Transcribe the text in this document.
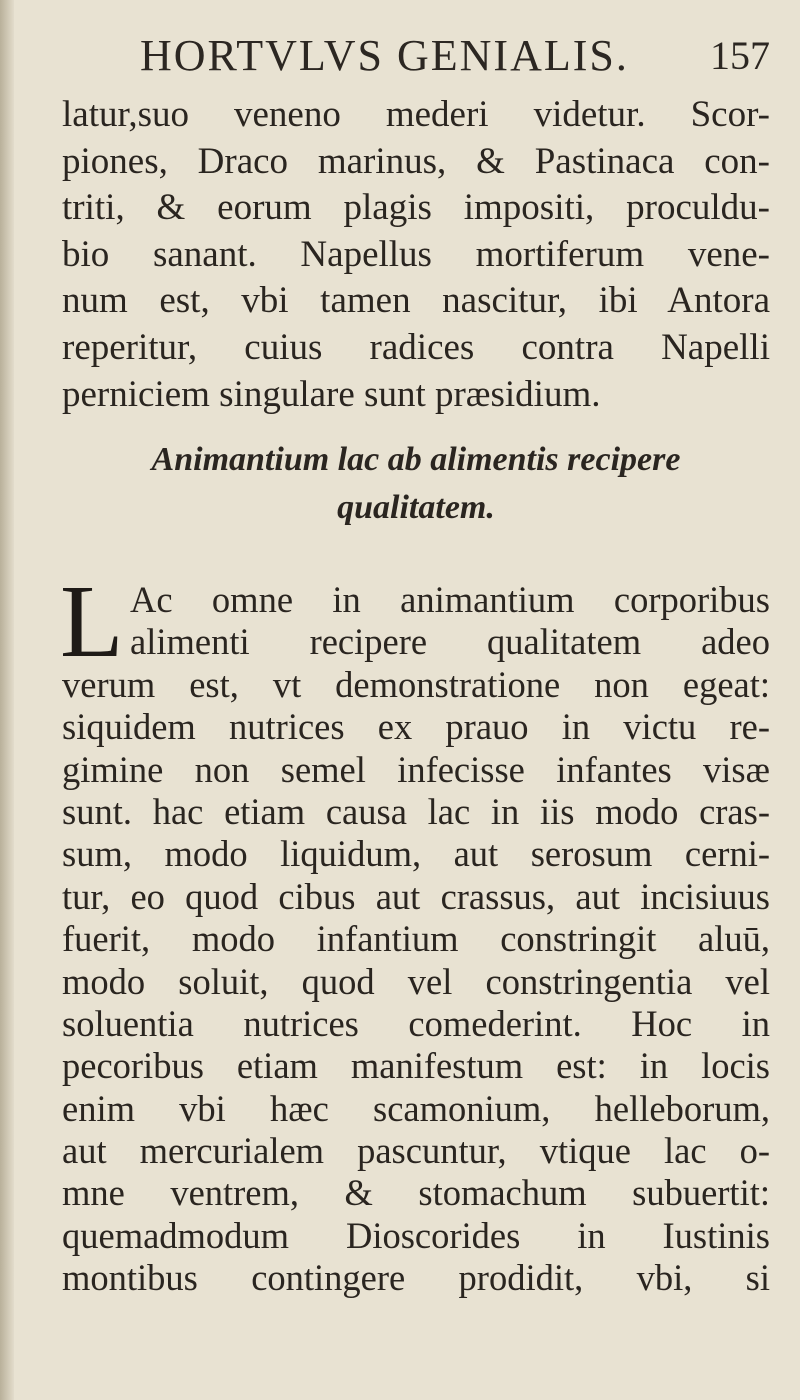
HORTVLVS GENIALIS. 157
latur,suo veneno mederi videtur. Scor-
piones, Draco marinus, & Pastinaca con-
triti, & eorum plagis impositi, proculdu-
bio sanant. Napellus mortiferum vene-
num est, vbi tamen nascitur, ibi Antora
reperitur, cuius radices contra Napelli
perniciem singulare sunt præsidium.
Animantium lac ab alimentis recipere
qualitatem.
L Ac omne in animantium corporibus
alimenti recipere qualitatem adeo
verum est, vt demonstratione non egeat:
siquidem nutrices ex prauo in victu re-
gimine non semel infecisse infantes visæ
sunt. hac etiam causa lac in iis modo cras-
sum, modo liquidum, aut serosum cerni-
tur, eo quod cibus aut crassus, aut incisiuus
fuerit, modo infantium constringit aluū,
modo soluit, quod vel constringentia vel
soluentia nutrices comederint. Hoc in
pecoribus etiam manifestum est: in locis
enim vbi hæc scamonium, helleborum,
aut mercurialem pascuntur, vtique lac o-
mne ventrem, & stomachum subuertit:
quemadmodum Dioscorides in Iustinis
montibus contingere prodidit, vbi, si
